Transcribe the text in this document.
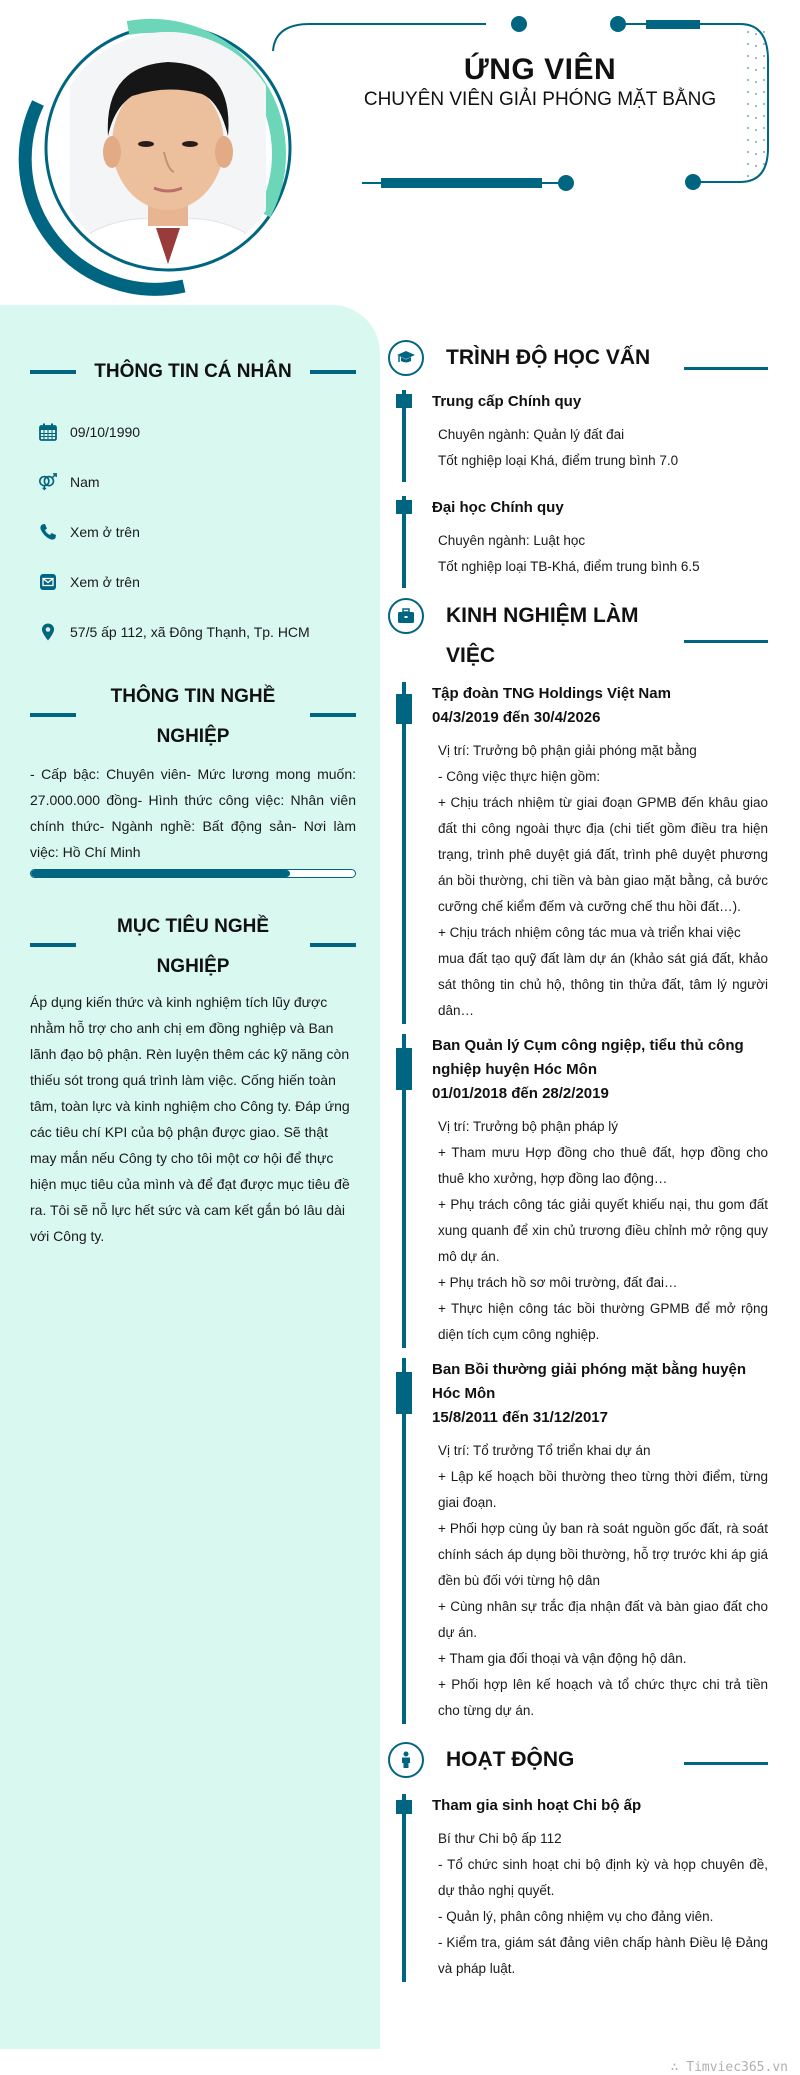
ỨNG VIÊN
CHUYÊN VIÊN GIẢI PHÓNG MẶT BẰNG
THÔNG TIN CÁ NHÂN
09/10/1990
Nam
Xem ở trên
Xem ở trên
57/5 ấp 112, xã Đông Thạnh, Tp. HCM
THÔNG TIN NGHỀ
NGHIỆP
- Cấp bậc: Chuyên viên- Mức lương mong muốn: 27.000.000 đồng- Hình thức công việc: Nhân viên chính thức- Ngành nghề: Bất động sản- Nơi làm việc: Hồ Chí Minh
MỤC TIÊU NGHỀ
NGHIỆP
Áp dụng kiến thức và kinh nghiệm tích lũy được nhằm hỗ trợ cho anh chị em đồng nghiệp và Ban lãnh đạo bộ phận. Rèn luyện thêm các kỹ năng còn thiếu sót trong quá trình làm việc. Cống hiến toàn tâm, toàn lực và kinh nghiệm cho Công ty. Đáp ứng các tiêu chí KPI của bộ phận được giao. Sẽ thật may mắn nếu Công ty cho tôi một cơ hội để thực hiện mục tiêu của mình và để đạt được mục tiêu đề ra. Tôi sẽ nỗ lực hết sức và cam kết gắn bó lâu dài với Công ty.
TRÌNH ĐỘ HỌC VẤN
Trung cấp Chính quy
Chuyên ngành: Quản lý đất đai
Tốt nghiệp loại Khá, điểm trung bình 7.0
Đại học Chính quy
Chuyên ngành: Luật học
Tốt nghiệp loại TB-Khá, điểm trung bình 6.5
KINH NGHIỆM LÀM
VIỆC
Tập đoàn TNG Holdings Việt Nam
04/3/2019 đến 30/4/2026
Vị trí: Trưởng bộ phận giải phóng mặt bằng
- Công việc thực hiện gồm:
+ Chịu trách nhiệm từ giai đoạn GPMB đến khâu giao đất thi công ngoài thực địa (chi tiết gồm điều tra hiện trạng, trình phê duyệt giá đất, trình phê duyệt phương án bồi thường, chi tiền và bàn giao mặt bằng, cả bước cưỡng chế kiểm đếm và cưỡng chế thu hồi đất…).
+ Chịu trách nhiệm công tác mua và triển khai việc
mua đất tạo quỹ đất làm dự án (khảo sát giá đất, khảo sát thông tin chủ hộ, thông tin thửa đất, tâm lý người dân…
Ban Quản lý Cụm công ngiệp, tiểu thủ công nghiệp huyện Hóc Môn
01/01/2018 đến 28/2/2019
Vị trí: Trưởng bộ phận pháp lý
+ Tham mưu Hợp đồng cho thuê đất, hợp đồng cho thuê kho xưởng, hợp đồng lao động…
+ Phụ trách công tác giải quyết khiếu nại, thu gom đất xung quanh để xin chủ trương điều chỉnh mở rộng quy mô dự án.
+ Phụ trách hồ sơ môi trường, đất đai…
+ Thực hiện công tác bồi thường GPMB để mở rộng diện tích cụm công nghiệp.
Ban Bồi thường giải phóng mặt bằng huyện Hóc Môn
15/8/2011 đến 31/12/2017
Vị trí: Tổ trưởng Tổ triển khai dự án
+ Lập kế hoạch bồi thường theo từng thời điểm, từng giai đoạn.
+ Phối hợp cùng ủy ban rà soát nguồn gốc đất, rà soát chính sách áp dụng bồi thường, hỗ trợ trước khi áp giá đền bù đối với từng hộ dân
+ Cùng nhân sự trắc địa nhận đất và bàn giao đất cho dự án.
+ Tham gia đối thoại và vận động hộ dân.
+ Phối hợp lên kế hoạch và tổ chức thực chi trả tiền cho từng dự án.
HOẠT ĐỘNG
Tham gia sinh hoạt Chi bộ ấp
Bí thư Chi bộ ấp 112
- Tổ chức sinh hoạt chi bộ định kỳ và họp chuyên đề, dự thảo nghị quyết.
- Quản lý, phân công nhiệm vụ cho đảng viên.
- Kiểm tra, giám sát đảng viên chấp hành Điều lệ Đảng và pháp luật.
∴ Timviec365.vn
